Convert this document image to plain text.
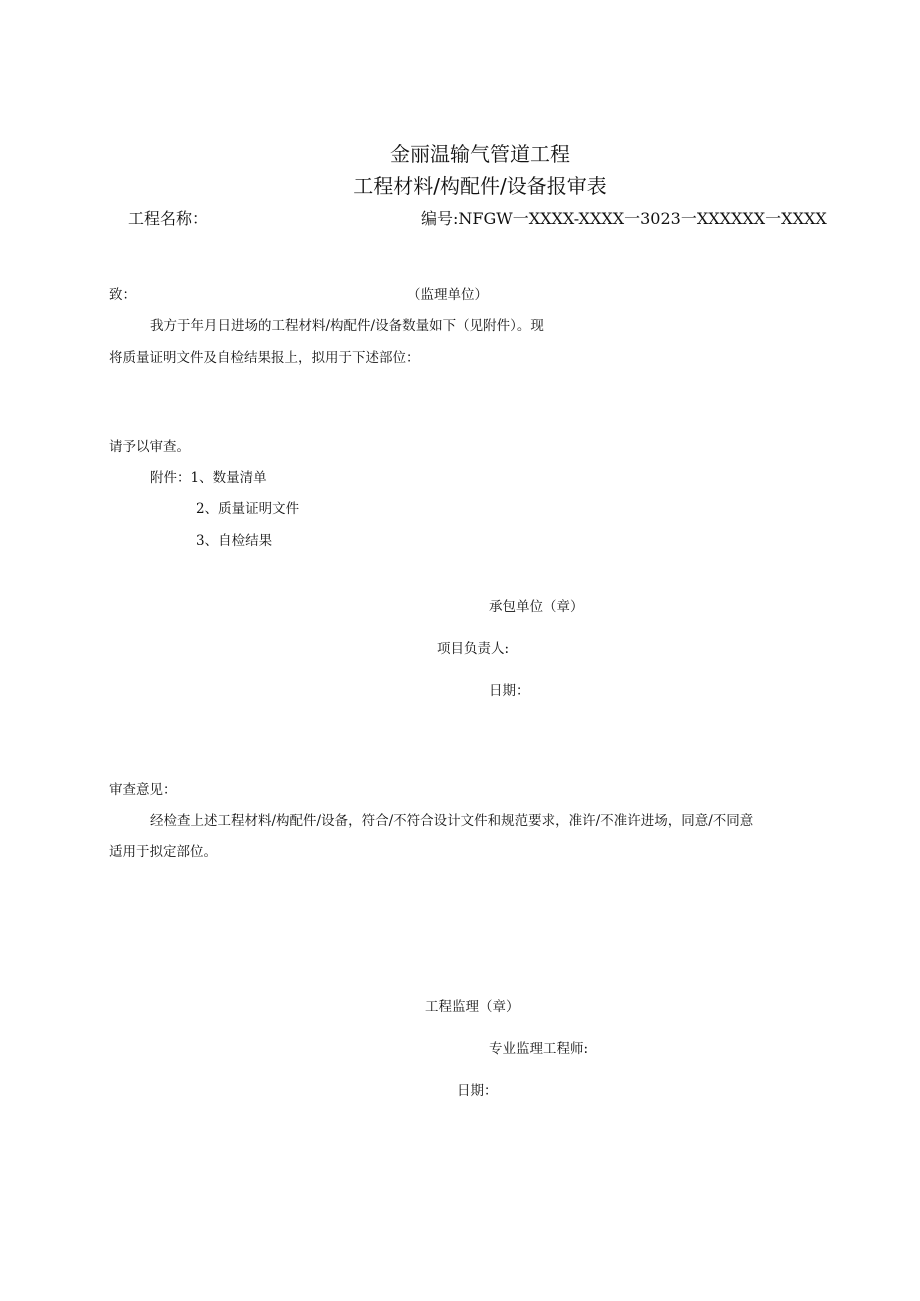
金丽温输气管道工程
工程材料/构配件/设备报审表
工程名称：	编号:NFGW一XXXX-XXXX一3023一XXXXXX一XXXX
致：	（监理单位）
我方于年月日进场的工程材料/构配件/设备数量如下（见附件）。现
将质量证明文件及自检结果报上，拟用于下述部位：
请予以审查。
附件：1、数量清单
2、质量证明文件
3、自检结果
承包单位（章）
项目负责人:
日期：
审查意见：
经检查上述工程材料/构配件/设备，符合/不符合设计文件和规范要求，准许/不准许进场，同意/不同意
适用于拟定部位。
工程监理（章）
专业监理工程师:
日期：
